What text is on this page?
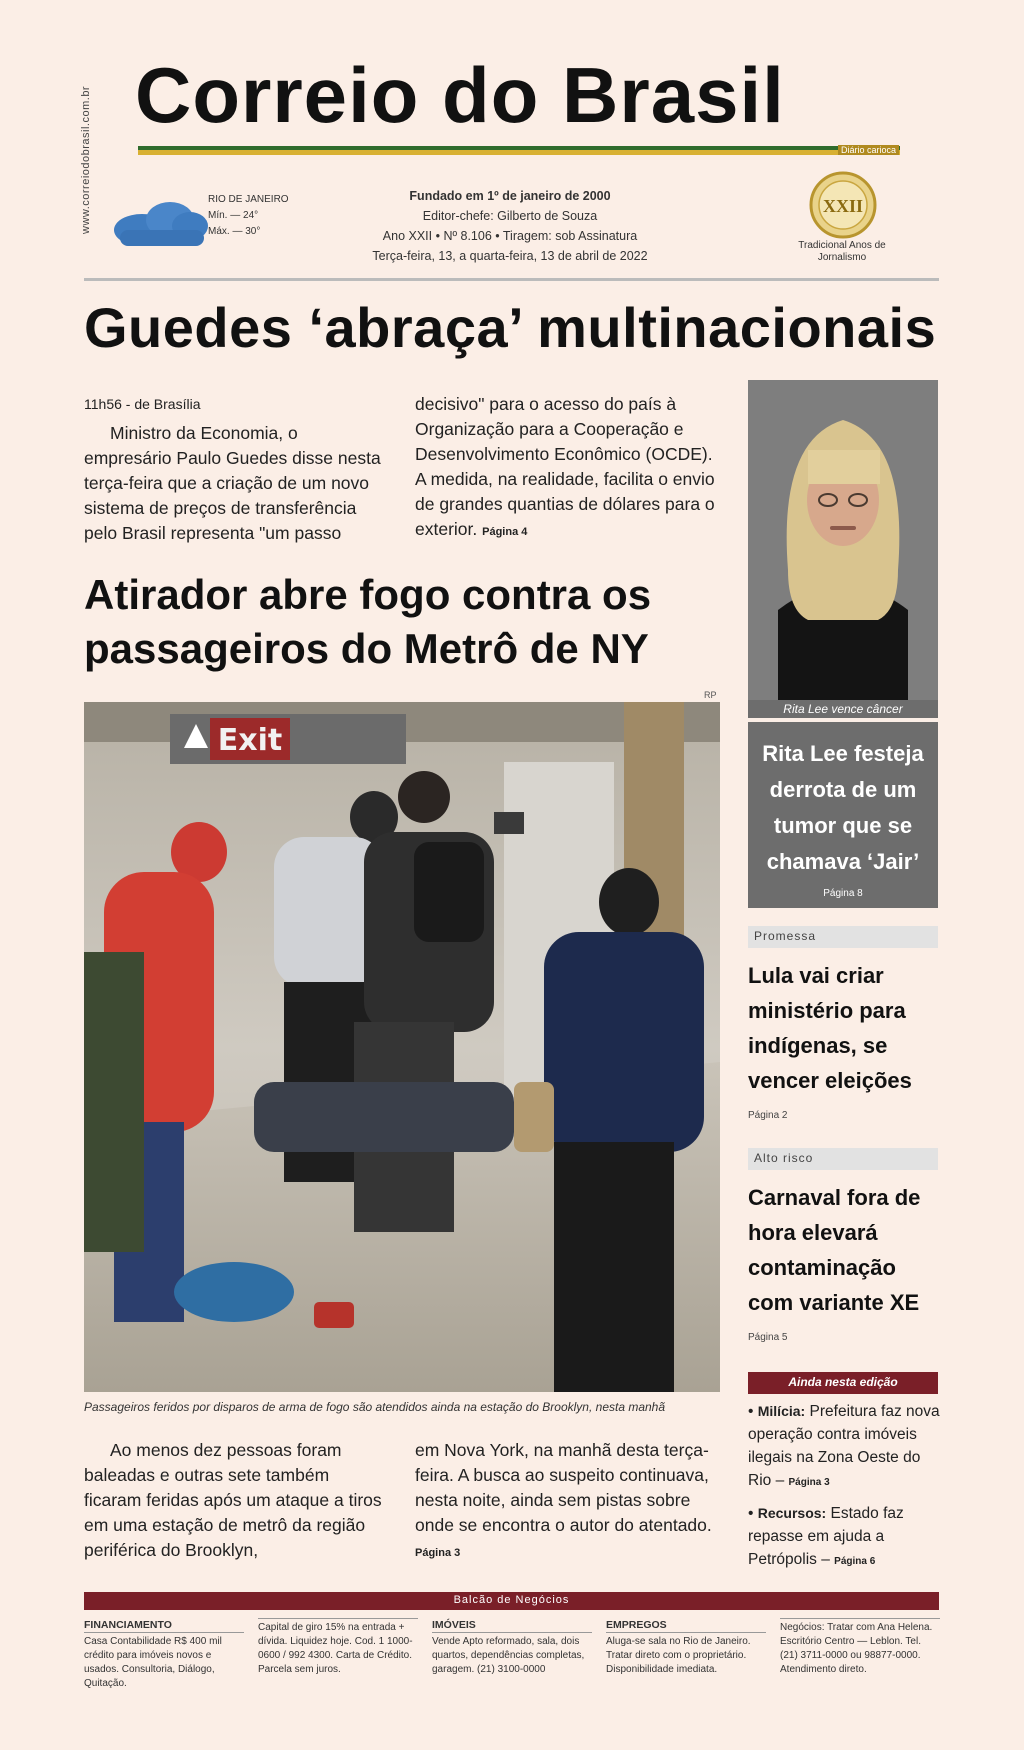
www.correiodobrasil.com.br Correio do Brasil
Diário carioca
RIO DE JANEIRO
Mín. — 24°
Máx. — 30°
Fundado em 1º de janeiro de 2000
Editor-chefe: Gilberto de Souza
Ano XXII • Nº 8.106 • Tiragem: sob Assinatura
Terça-feira, 13, a quarta-feira, 13 de abril de 2022
XXII
Tradicional Anos de Jornalismo
Guedes ‘abraça’ multinacionais
11h56 - de Brasília
Ministro da Economia, o empresário Paulo Guedes disse nesta terça-feira que a criação de um novo sistema de preços de transferência pelo Brasil representa "um passo
decisivo" para o acesso do país à Organização para a Cooperação e Desenvolvimento Econômico (OCDE). A medida, na realidade, facilita o envio de grandes quantias de dólares para o exterior. Página 4
Atirador abre fogo contra os passageiros do Metrô de NY
RP
Exit
Passageiros feridos por disparos de arma de fogo são atendidos ainda na estação do Brooklyn, nesta manhã
Ao menos dez pessoas foram baleadas e outras sete também ficaram feridas após um ataque a tiros em uma estação de metrô da região periférica do Brooklyn,
em Nova York, na manhã desta terça-feira. A busca ao suspeito continuava, nesta noite, ainda sem pistas sobre onde se encontra o autor do atentado. Página 3
Rita Lee vence câncer
Rita Lee festeja derrota de um tumor que se chamava ‘Jair’
Página 8
Promessa
Lula vai criar ministério para indígenas, se vencer eleições
Página 2
Alto risco
Carnaval fora de hora elevará contaminação com variante XE
Página 5
Ainda nesta edição
• Milícia: Prefeitura faz nova operação contra imóveis ilegais na Zona Oeste do Rio – Página 3
• Recursos: Estado faz repasse em ajuda a Petrópolis – Página 6
Balcão de Negócios
FINANCIAMENTO
Casa Contabilidade R$ 400 mil crédito para imóveis novos e usados. Consultoria, Diálogo, Quitação.
Capital de giro 15% na entrada + dívida. Liquidez hoje. Cod. 1 1000-0600 / 992 4300. Carta de Crédito. Parcela sem juros.
IMÓVEIS
Vende Apto reformado, sala, dois quartos, dependências completas, garagem. (21) 3100-0000
EMPREGOS
Aluga-se sala no Rio de Janeiro. Tratar direto com o proprietário. Disponibilidade imediata.
Negócios: Tratar com Ana Helena. Escritório Centro — Leblon. Tel. (21) 3711-0000 ou 98877-0000. Atendimento direto.
